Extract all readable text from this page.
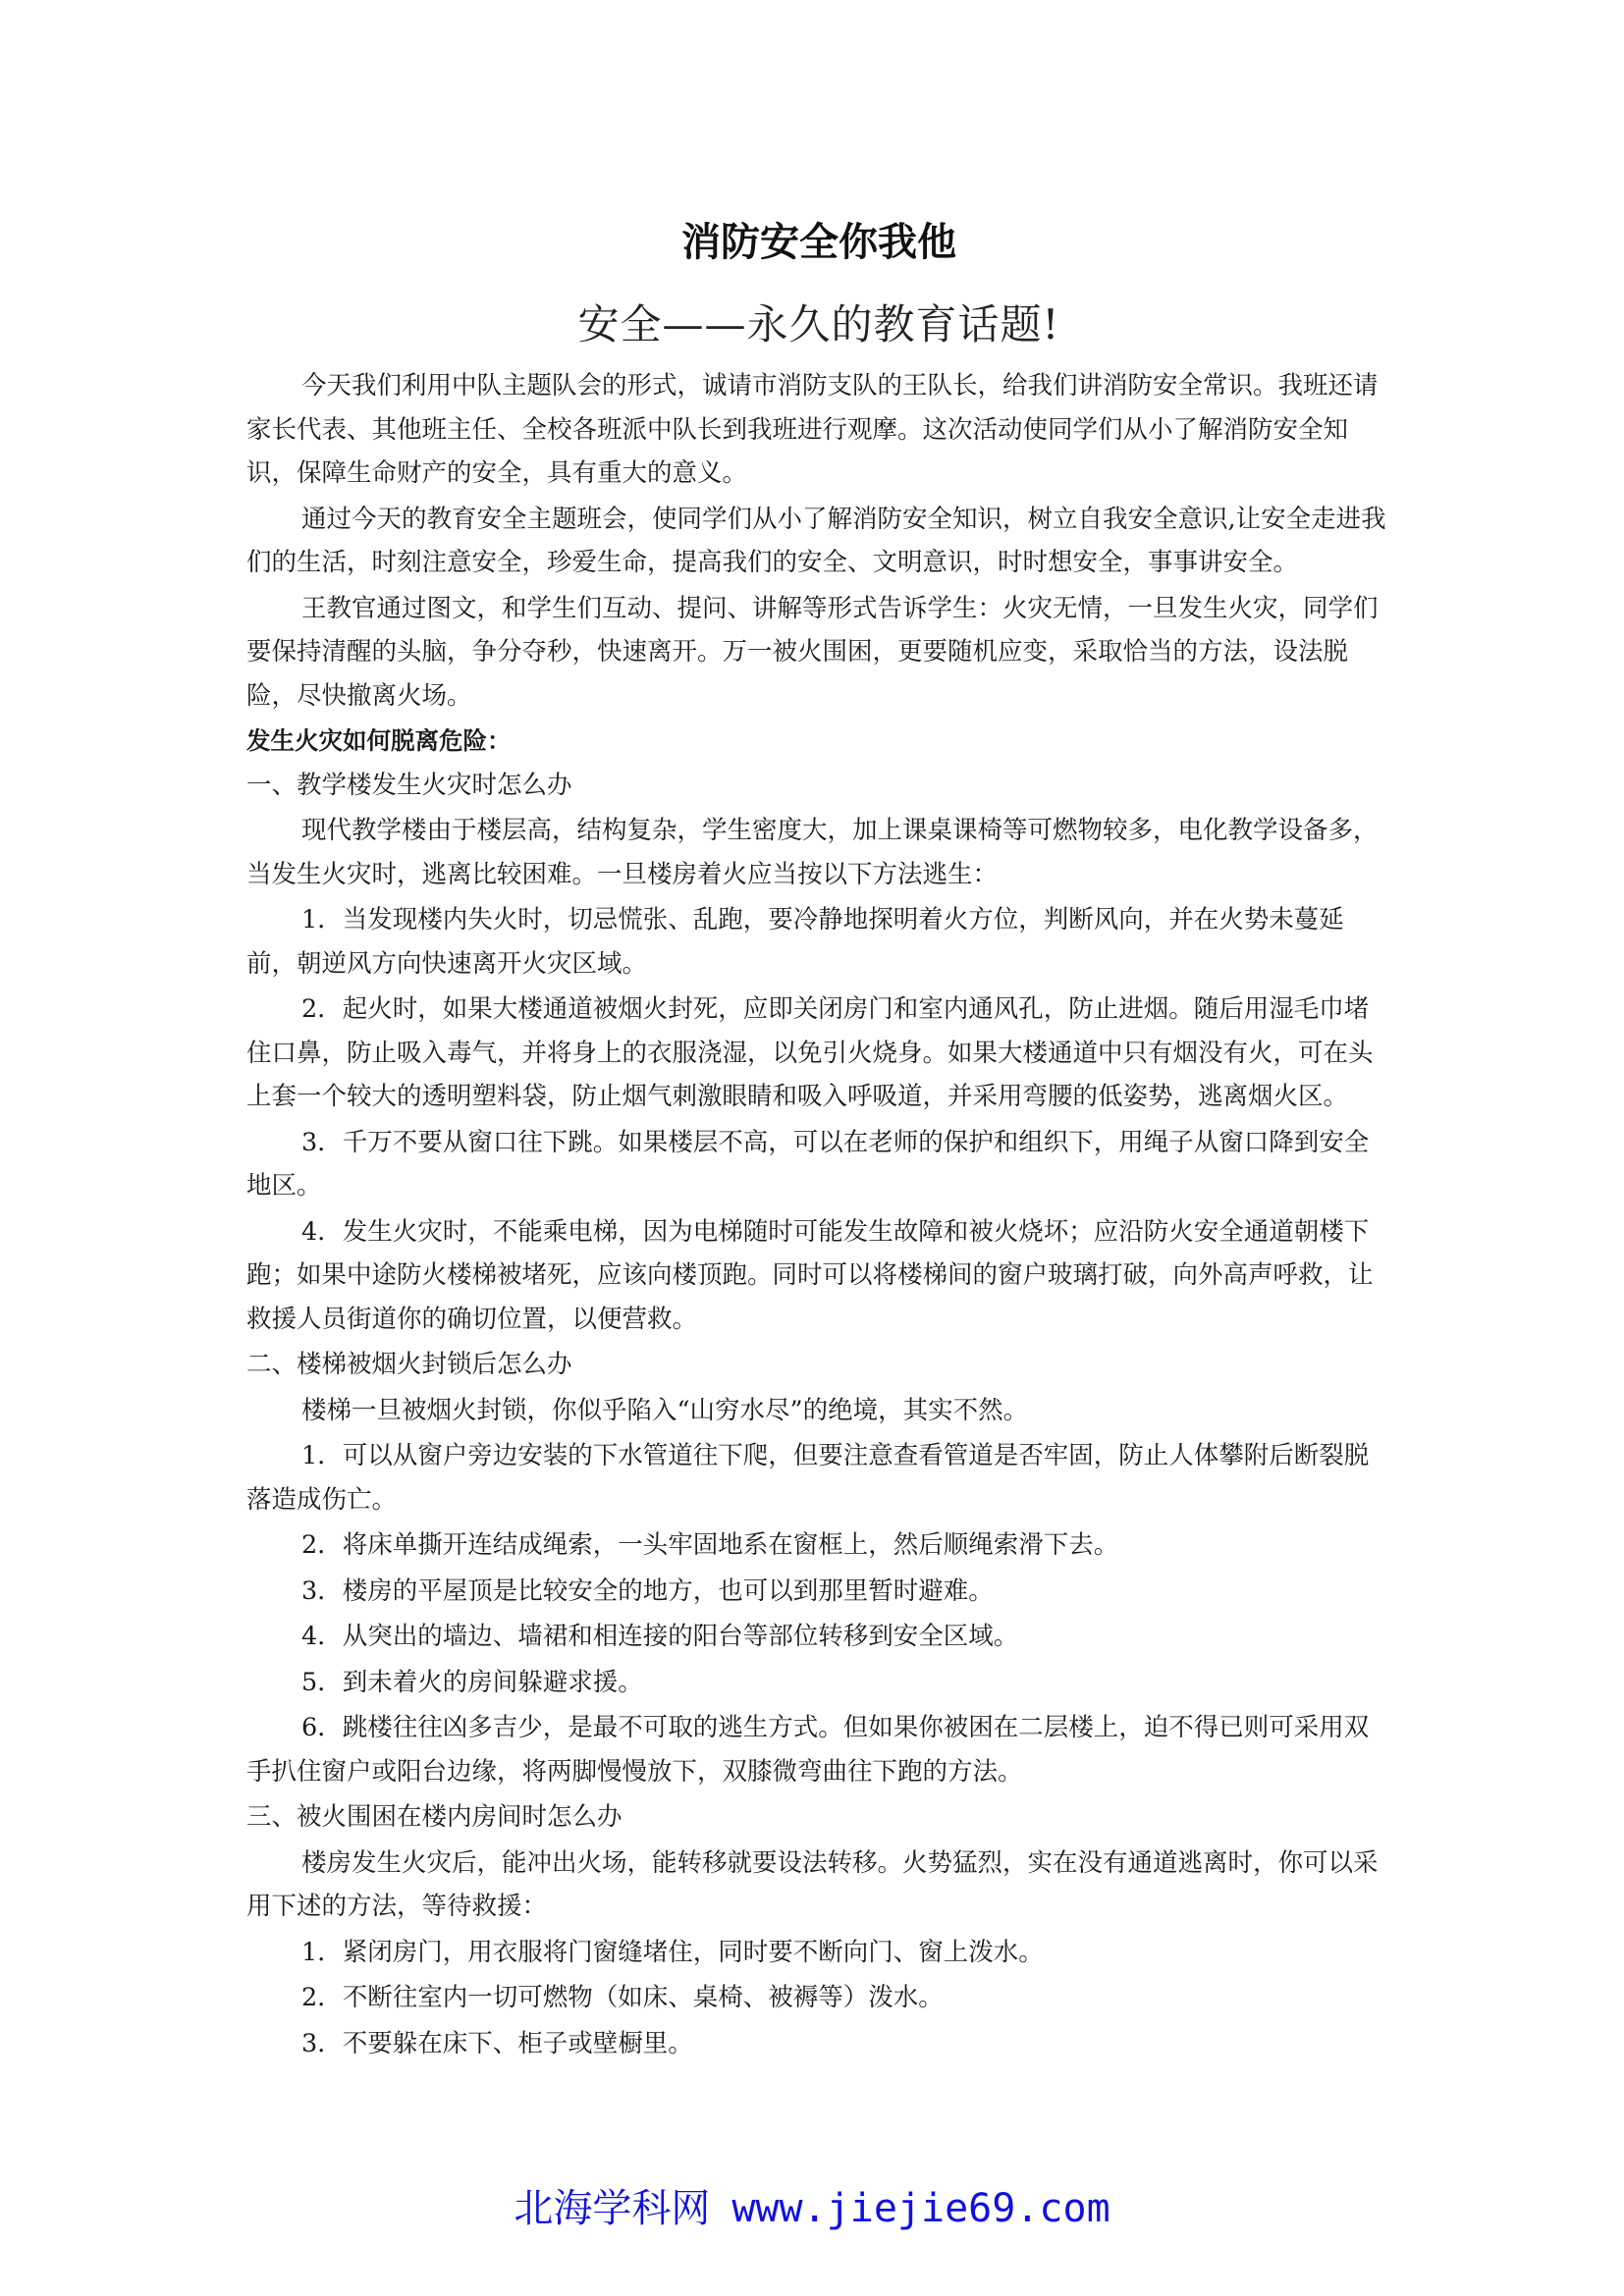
消防安全你我他
安全——永久的教育话题!

今天我们利用中队主题队会的形式，诚请市消防支队的王队长，给我们讲消防安全常识。我班还请家长代表、其他班主任、全校各班派中队长到我班进行观摩。这次活动使同学们从小了解消防安全知识，保障生命财产的安全，具有重大的意义。

通过今天的教育安全主题班会，使同学们从小了解消防安全知识，树立自我安全意识,让安全走进我们的生活，时刻注意安全，珍爱生命，提高我们的安全、文明意识，时时想安全，事事讲安全。

王教官通过图文，和学生们互动、提问、讲解等形式告诉学生：火灾无情，一旦发生火灾，同学们要保持清醒的头脑，争分夺秒，快速离开。万一被火围困，更要随机应变，采取恰当的方法，设法脱险，尽快撤离火场。

发生火灾如何脱离危险：

一、教学楼发生火灾时怎么办

现代教学楼由于楼层高，结构复杂，学生密度大，加上课桌课椅等可燃物较多，电化教学设备多，当发生火灾时，逃离比较困难。一旦楼房着火应当按以下方法逃生：

1．当发现楼内失火时，切忌慌张、乱跑，要冷静地探明着火方位，判断风向，并在火势未蔓延前，朝逆风方向快速离开火灾区域。

2．起火时，如果大楼通道被烟火封死，应即关闭房门和室内通风孔，防止进烟。随后用湿毛巾堵住口鼻，防止吸入毒气，并将身上的衣服浇湿，以免引火烧身。如果大楼通道中只有烟没有火，可在头上套一个较大的透明塑料袋，防止烟气刺激眼睛和吸入呼吸道，并采用弯腰的低姿势，逃离烟火区。

3．千万不要从窗口往下跳。如果楼层不高，可以在老师的保护和组织下，用绳子从窗口降到安全地区。

4．发生火灾时，不能乘电梯，因为电梯随时可能发生故障和被火烧坏；应沿防火安全通道朝楼下跑；如果中途防火楼梯被堵死，应该向楼顶跑。同时可以将楼梯间的窗户玻璃打破，向外高声呼救，让救援人员街道你的确切位置，以便营救。

二、楼梯被烟火封锁后怎么办

楼梯一旦被烟火封锁，你似乎陷入“山穷水尽”的绝境，其实不然。

1．可以从窗户旁边安装的下水管道往下爬，但要注意查看管道是否牢固，防止人体攀附后断裂脱落造成伤亡。

2．将床单撕开连结成绳索，一头牢固地系在窗框上，然后顺绳索滑下去。

3．楼房的平屋顶是比较安全的地方，也可以到那里暂时避难。

4．从突出的墙边、墙裙和相连接的阳台等部位转移到安全区域。

5．到未着火的房间躲避求援。

6．跳楼往往凶多吉少，是最不可取的逃生方式。但如果你被困在二层楼上，迫不得已则可采用双手扒住窗户或阳台边缘，将两脚慢慢放下，双膝微弯曲往下跑的方法。

三、被火围困在楼内房间时怎么办

楼房发生火灾后，能冲出火场，能转移就要设法转移。火势猛烈，实在没有通道逃离时，你可以采用下述的方法，等待救援：

1．紧闭房门，用衣服将门窗缝堵住，同时要不断向门、窗上泼水。

2．不断往室内一切可燃物（如床、桌椅、被褥等）泼水。

3．不要躲在床下、柜子或壁橱里。

北海学科网 www.jiejie69.com
